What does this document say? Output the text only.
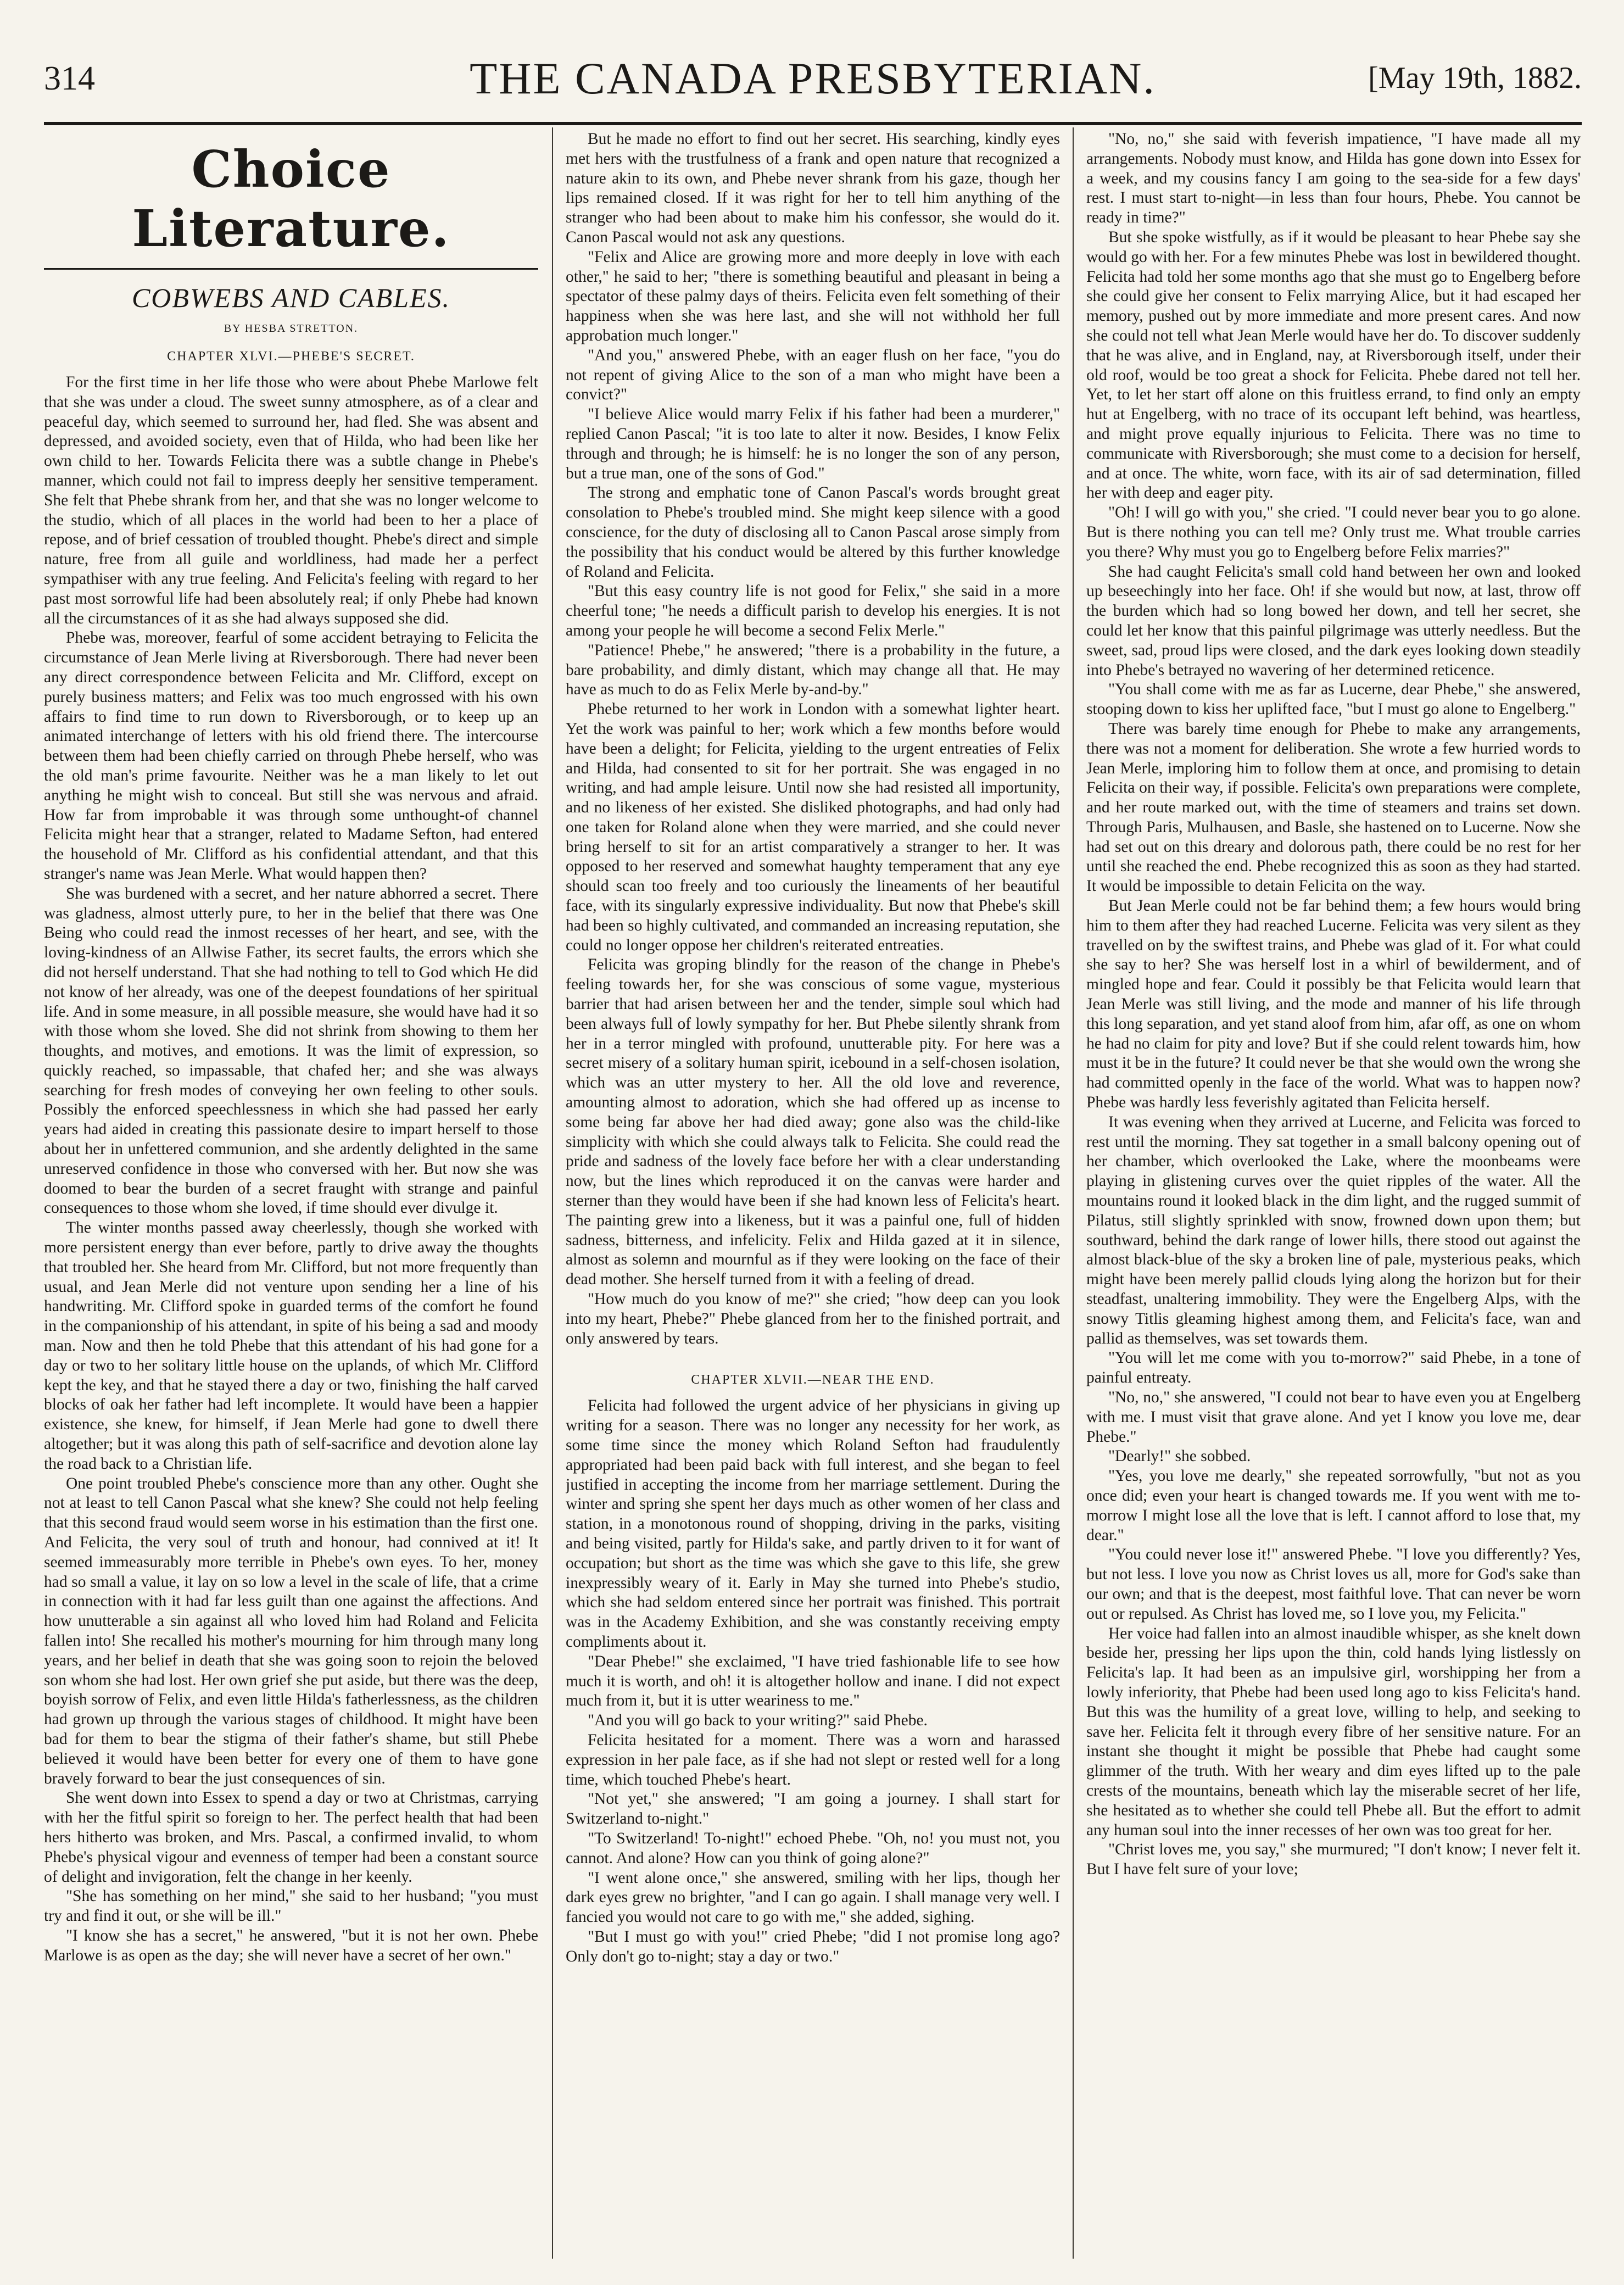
314	THE CANADA PRESBYTERIAN.	[May 19th, 1882.
Choice Literature.
COBWEBS AND CABLES.
BY HESBA STRETTON.
CHAPTER XLVI.—PHEBE'S SECRET.

For the first time in her life those who were about Phebe Marlowe felt that she was under a cloud. The sweet sunny atmosphere, as of a clear and peaceful day, which seemed to surround her, had fled. She was absent and depressed, and avoided society, even that of Hilda, who had been like her own child to her. Towards Felicita there was a subtle change in Phebe's manner, which could not fail to impress deeply her sensitive temperament. She felt that Phebe shrank from her, and that she was no longer welcome to the studio, which of all places in the world had been to her a place of repose, and of brief cessation of troubled thought. Phebe's direct and simple nature, free from all guile and worldliness, had made her a perfect sympathiser with any true feeling. And Felicita's feeling with regard to her past most sorrowful life had been absolutely real; if only Phebe had known all the circumstances of it as she had always supposed she did.

Phebe was, moreover, fearful of some accident betraying to Felicita the circumstance of Jean Merle living at Riversborough. There had never been any direct correspondence between Felicita and Mr. Clifford, except on purely business matters; and Felix was too much engrossed with his own affairs to find time to run down to Riversborough, or to keep up an animated interchange of letters with his old friend there. The intercourse between them had been chiefly carried on through Phebe herself, who was the old man's prime favourite. Neither was he a man likely to let out anything he might wish to conceal. But still she was nervous and afraid. How far from improbable it was through some unthought-of channel Felicita might hear that a stranger, related to Madame Sefton, had entered the household of Mr. Clifford as his confidential attendant, and that this stranger's name was Jean Merle. What would happen then?

She was burdened with a secret, and her nature abhorred a secret. There was gladness, almost utterly pure, to her in the belief that there was One Being who could read the inmost recesses of her heart, and see, with the loving-kindness of an Allwise Father, its secret faults, the errors which she did not herself understand. That she had nothing to tell to God which He did not know of her already, was one of the deepest foundations of her spiritual life. And in some measure, in all possible measure, she would have had it so with those whom she loved. She did not shrink from showing to them her thoughts, and motives, and emotions. It was the limit of expression, so quickly reached, so impassable, that chafed her; and she was always searching for fresh modes of conveying her own feeling to other souls. Possibly the enforced speechlessness in which she had passed her early years had aided in creating this passionate desire to impart herself to those about her in unfettered communion, and she ardently delighted in the same unreserved confidence in those who conversed with her. But now she was doomed to bear the burden of a secret fraught with strange and painful consequences to those whom she loved, if time should ever divulge it.

The winter months passed away cheerlessly, though she worked with more persistent energy than ever before, partly to drive away the thoughts that troubled her. She heard from Mr. Clifford, but not more frequently than usual, and Jean Merle did not venture upon sending her a line of his handwriting. Mr. Clifford spoke in guarded terms of the comfort he found in the companionship of his attendant, in spite of his being a sad and moody man. Now and then he told Phebe that this attendant of his had gone for a day or two to her solitary little house on the uplands, of which Mr. Clifford kept the key, and that he stayed there a day or two, finishing the half carved blocks of oak her father had left incomplete. It would have been a happier existence, she knew, for himself, if Jean Merle had gone to dwell there altogether; but it was along this path of self-sacrifice and devotion alone lay the road back to a Christian life.

One point troubled Phebe's conscience more than any other. Ought she not at least to tell Canon Pascal what she knew? She could not help feeling that this second fraud would seem worse in his estimation than the first one. And Felicita, the very soul of truth and honour, had connived at it! It seemed immeasurably more terrible in Phebe's own eyes. To her, money had so small a value, it lay on so low a level in the scale of life, that a crime in connection with it had far less guilt than one against the affections. And how unutterable a sin against all who loved him had Roland and Felicita fallen into! She recalled his mother's mourning for him through many long years, and her belief in death that she was going soon to rejoin the beloved son whom she had lost. Her own grief she put aside, but there was the deep, boyish sorrow of Felix, and even little Hilda's fatherlessness, as the children had grown up through the various stages of childhood. It might have been bad for them to bear the stigma of their father's shame, but still Phebe believed it would have been better for every one of them to have gone bravely forward to bear the just consequences of sin.

She went down into Essex to spend a day or two at Christmas, carrying with her the fitful spirit so foreign to her. The perfect health that had been hers hitherto was broken, and Mrs. Pascal, a confirmed invalid, to whom Phebe's physical vigour and evenness of temper had been a constant source of delight and invigoration, felt the change in her keenly.

"She has something on her mind," she said to her husband; "you must try and find it out, or she will be ill."

"I know she has a secret," he answered, "but it is not her own. Phebe Marlowe is as open as the day; she will never have a secret of her own."

But he made no effort to find out her secret. His searching, kindly eyes met hers with the trustfulness of a frank and open nature that recognized a nature akin to its own, and Phebe never shrank from his gaze, though her lips remained closed. If it was right for her to tell him anything of the stranger who had been about to make him his confessor, she would do it. Canon Pascal would not ask any questions.

"Felix and Alice are growing more and more deeply in love with each other," he said to her; "there is something beautiful and pleasant in being a spectator of these palmy days of theirs. Felicita even felt something of their happiness when she was here last, and she will not withhold her full approbation much longer."

"And you," answered Phebe, with an eager flush on her face, "you do not repent of giving Alice to the son of a man who might have been a convict?"

"I believe Alice would marry Felix if his father had been a murderer," replied Canon Pascal; "it is too late to alter it now. Besides, I know Felix through and through; he is himself: he is no longer the son of any person, but a true man, one of the sons of God."

The strong and emphatic tone of Canon Pascal's words brought great consolation to Phebe's troubled mind. She might keep silence with a good conscience, for the duty of disclosing all to Canon Pascal arose simply from the possibility that his conduct would be altered by this further knowledge of Roland and Felicita.

"But this easy country life is not good for Felix," she said in a more cheerful tone; "he needs a difficult parish to develop his energies. It is not among your people he will become a second Felix Merle."

"Patience! Phebe," he answered; "there is a probability in the future, a bare probability, and dimly distant, which may change all that. He may have as much to do as Felix Merle by-and-by."

Phebe returned to her work in London with a somewhat lighter heart. Yet the work was painful to her; work which a few months before would have been a delight; for Felicita, yielding to the urgent entreaties of Felix and Hilda, had consented to sit for her portrait. She was engaged in no writing, and had ample leisure. Until now she had resisted all importunity, and no likeness of her existed. She disliked photographs, and had only had one taken for Roland alone when they were married, and she could never bring herself to sit for an artist comparatively a stranger to her. It was opposed to her reserved and somewhat haughty temperament that any eye should scan too freely and too curiously the lineaments of her beautiful face, with its singularly expressive individuality. But now that Phebe's skill had been so highly cultivated, and commanded an increasing reputation, she could no longer oppose her children's reiterated entreaties.

Felicita was groping blindly for the reason of the change in Phebe's feeling towards her, for she was conscious of some vague, mysterious barrier that had arisen between her and the tender, simple soul which had been always full of lowly sympathy for her. But Phebe silently shrank from her in a terror mingled with profound, unutterable pity. For here was a secret misery of a solitary human spirit, icebound in a self-chosen isolation, which was an utter mystery to her. All the old love and reverence, amounting almost to adoration, which she had offered up as incense to some being far above her had died away; gone also was the child-like simplicity with which she could always talk to Felicita. She could read the pride and sadness of the lovely face before her with a clear understanding now, but the lines which reproduced it on the canvas were harder and sterner than they would have been if she had known less of Felicita's heart. The painting grew into a likeness, but it was a painful one, full of hidden sadness, bitterness, and infelicity. Felix and Hilda gazed at it in silence, almost as solemn and mournful as if they were looking on the face of their dead mother. She herself turned from it with a feeling of dread.

"How much do you know of me?" she cried; "how deep can you look into my heart, Phebe?" Phebe glanced from her to the finished portrait, and only answered by tears.

CHAPTER XLVII.—NEAR THE END.

Felicita had followed the urgent advice of her physicians in giving up writing for a season. There was no longer any necessity for her work, as some time since the money which Roland Sefton had fraudulently appropriated had been paid back with full interest, and she began to feel justified in accepting the income from her marriage settlement. During the winter and spring she spent her days much as other women of her class and station, in a monotonous round of shopping, driving in the parks, visiting and being visited, partly for Hilda's sake, and partly driven to it for want of occupation; but short as the time was which she gave to this life, she grew inexpressibly weary of it. Early in May she turned into Phebe's studio, which she had seldom entered since her portrait was finished. This portrait was in the Academy Exhibition, and she was constantly receiving empty compliments about it.

"Dear Phebe!" she exclaimed, "I have tried fashionable life to see how much it is worth, and oh! it is altogether hollow and inane. I did not expect much from it, but it is utter weariness to me."

"And you will go back to your writing?" said Phebe.

Felicita hesitated for a moment. There was a worn and harassed expression in her pale face, as if she had not slept or rested well for a long time, which touched Phebe's heart.

"Not yet," she answered; "I am going a journey. I shall start for Switzerland to-night."

"To Switzerland! To-night!" echoed Phebe. "Oh, no! you must not, you cannot. And alone? How can you think of going alone?"

"I went alone once," she answered, smiling with her lips, though her dark eyes grew no brighter, "and I can go again. I shall manage very well. I fancied you would not care to go with me," she added, sighing.

"But I must go with you!" cried Phebe; "did I not promise long ago? Only don't go to-night; stay a day or two."

"No, no," she said with feverish impatience, "I have made all my arrangements. Nobody must know, and Hilda has gone down into Essex for a week, and my cousins fancy I am going to the sea-side for a few days' rest. I must start to-night—in less than four hours, Phebe. You cannot be ready in time?"

But she spoke wistfully, as if it would be pleasant to hear Phebe say she would go with her. For a few minutes Phebe was lost in bewildered thought. Felicita had told her some months ago that she must go to Engelberg before she could give her consent to Felix marrying Alice, but it had escaped her memory, pushed out by more immediate and more present cares. And now she could not tell what Jean Merle would have her do. To discover suddenly that he was alive, and in England, nay, at Riversborough itself, under their old roof, would be too great a shock for Felicita. Phebe dared not tell her. Yet, to let her start off alone on this fruitless errand, to find only an empty hut at Engelberg, with no trace of its occupant left behind, was heartless, and might prove equally injurious to Felicita. There was no time to communicate with Riversborough; she must come to a decision for herself, and at once. The white, worn face, with its air of sad determination, filled her with deep and eager pity.

"Oh! I will go with you," she cried. "I could never bear you to go alone. But is there nothing you can tell me? Only trust me. What trouble carries you there? Why must you go to Engelberg before Felix marries?"

She had caught Felicita's small cold hand between her own and looked up beseechingly into her face. Oh! if she would but now, at last, throw off the burden which had so long bowed her down, and tell her secret, she could let her know that this painful pilgrimage was utterly needless. But the sweet, sad, proud lips were closed, and the dark eyes looking down steadily into Phebe's betrayed no wavering of her determined reticence.

"You shall come with me as far as Lucerne, dear Phebe," she answered, stooping down to kiss her uplifted face, "but I must go alone to Engelberg."

There was barely time enough for Phebe to make any arrangements, there was not a moment for deliberation. She wrote a few hurried words to Jean Merle, imploring him to follow them at once, and promising to detain Felicita on their way, if possible. Felicita's own preparations were complete, and her route marked out, with the time of steamers and trains set down. Through Paris, Mulhausen, and Basle, she hastened on to Lucerne. Now she had set out on this dreary and dolorous path, there could be no rest for her until she reached the end. Phebe recognized this as soon as they had started. It would be impossible to detain Felicita on the way.

But Jean Merle could not be far behind them; a few hours would bring him to them after they had reached Lucerne. Felicita was very silent as they travelled on by the swiftest trains, and Phebe was glad of it. For what could she say to her? She was herself lost in a whirl of bewilderment, and of mingled hope and fear. Could it possibly be that Felicita would learn that Jean Merle was still living, and the mode and manner of his life through this long separation, and yet stand aloof from him, afar off, as one on whom he had no claim for pity and love? But if she could relent towards him, how must it be in the future? It could never be that she would own the wrong she had committed openly in the face of the world. What was to happen now? Phebe was hardly less feverishly agitated than Felicita herself.

It was evening when they arrived at Lucerne, and Felicita was forced to rest until the morning. They sat together in a small balcony opening out of her chamber, which overlooked the Lake, where the moonbeams were playing in glistening curves over the quiet ripples of the water. All the mountains round it looked black in the dim light, and the rugged summit of Pilatus, still slightly sprinkled with snow, frowned down upon them; but southward, behind the dark range of lower hills, there stood out against the almost black-blue of the sky a broken line of pale, mysterious peaks, which might have been merely pallid clouds lying along the horizon but for their steadfast, unaltering immobility. They were the Engelberg Alps, with the snowy Titlis gleaming highest among them, and Felicita's face, wan and pallid as themselves, was set towards them.

"You will let me come with you to-morrow?" said Phebe, in a tone of painful entreaty.

"No, no," she answered, "I could not bear to have even you at Engelberg with me. I must visit that grave alone. And yet I know you love me, dear Phebe."

"Dearly!" she sobbed.

"Yes, you love me dearly," she repeated sorrowfully, "but not as you once did; even your heart is changed towards me. If you went with me to-morrow I might lose all the love that is left. I cannot afford to lose that, my dear."

"You could never lose it!" answered Phebe. "I love you differently? Yes, but not less. I love you now as Christ loves us all, more for God's sake than our own; and that is the deepest, most faithful love. That can never be worn out or repulsed. As Christ has loved me, so I love you, my Felicita."

Her voice had fallen into an almost inaudible whisper, as she knelt down beside her, pressing her lips upon the thin, cold hands lying listlessly on Felicita's lap. It had been as an impulsive girl, worshipping her from a lowly inferiority, that Phebe had been used long ago to kiss Felicita's hand. But this was the humility of a great love, willing to help, and seeking to save her. Felicita felt it through every fibre of her sensitive nature. For an instant she thought it might be possible that Phebe had caught some glimmer of the truth. With her weary and dim eyes lifted up to the pale crests of the mountains, beneath which lay the miserable secret of her life, she hesitated as to whether she could tell Phebe all. But the effort to admit any human soul into the inner recesses of her own was too great for her.

"Christ loves me, you say," she murmured; "I don't know; I never felt it. But I have felt sure of your love;
